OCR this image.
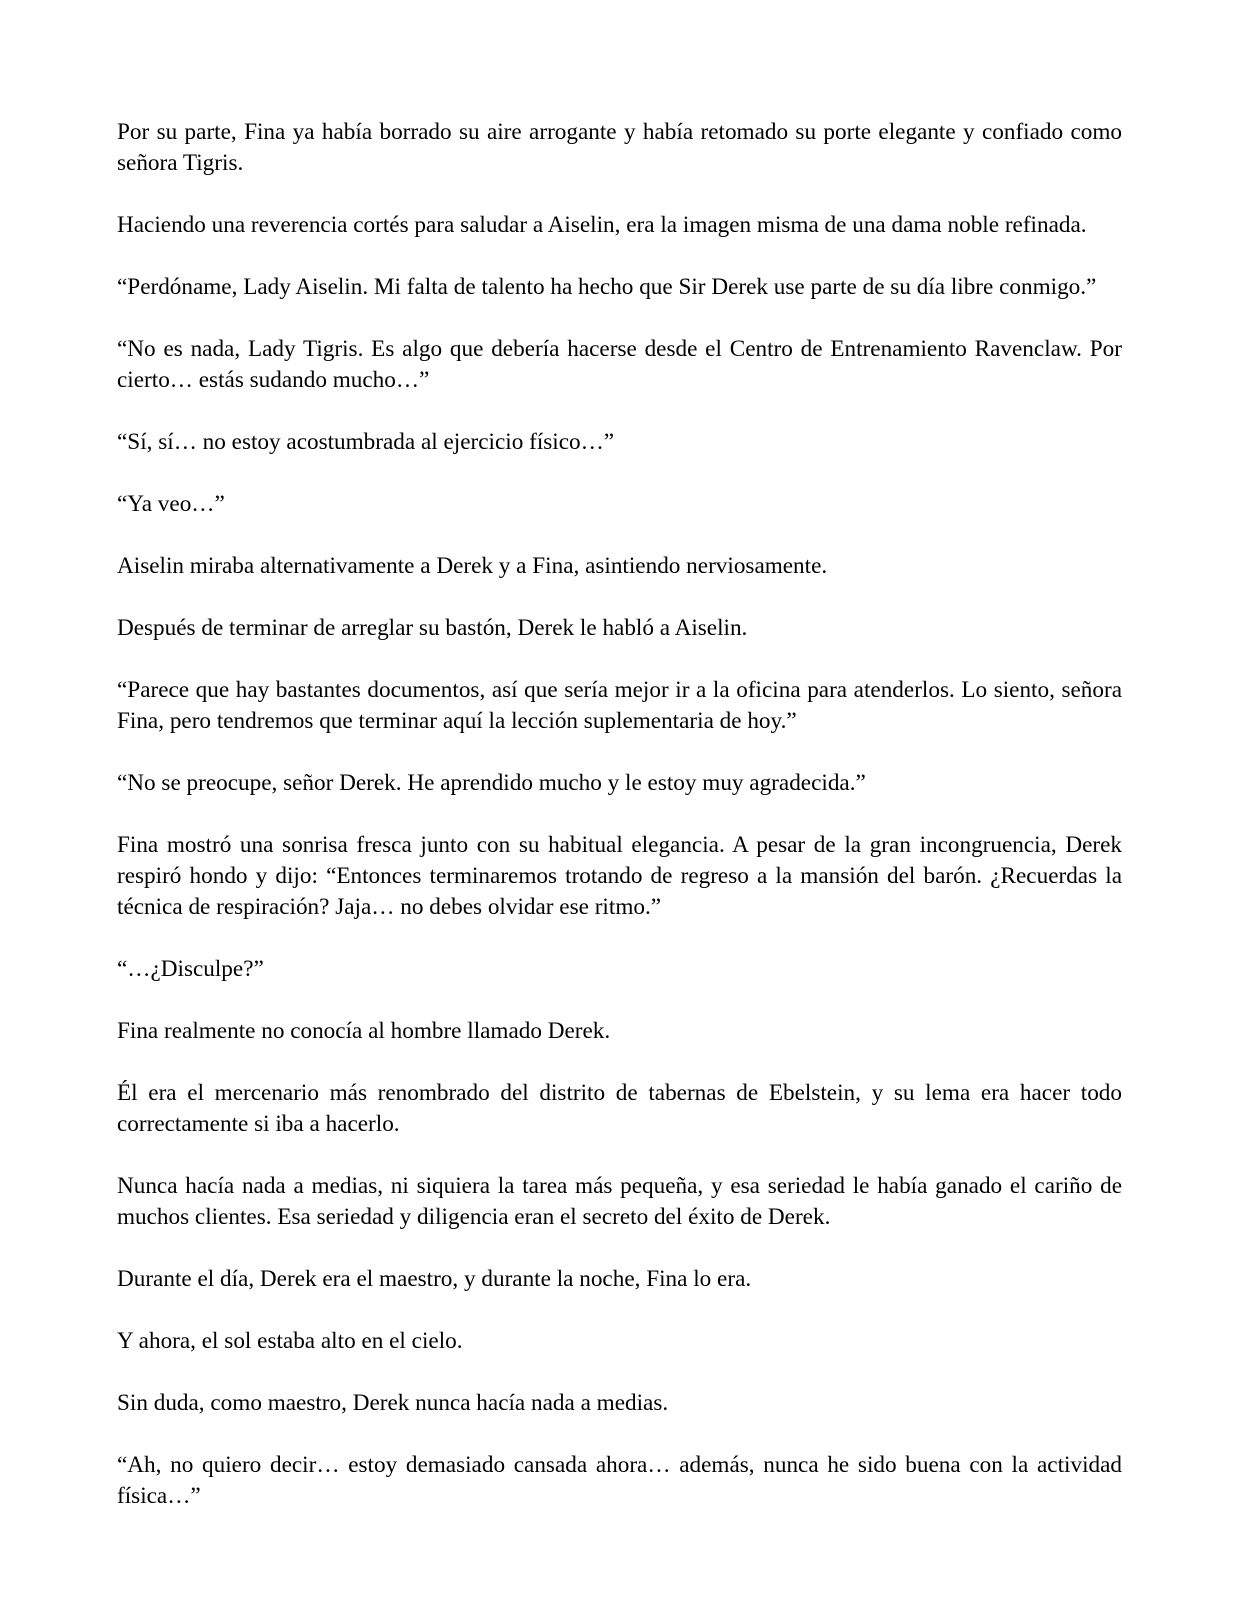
Por su parte, Fina ya había borrado su aire arrogante y había retomado su porte elegante y confiado como señora Tigris.

Haciendo una reverencia cortés para saludar a Aiselin, era la imagen misma de una dama noble refinada.

“Perdóname, Lady Aiselin. Mi falta de talento ha hecho que Sir Derek use parte de su día libre conmigo.”

“No es nada, Lady Tigris. Es algo que debería hacerse desde el Centro de Entrenamiento Ravenclaw. Por cierto… estás sudando mucho…”

“Sí, sí… no estoy acostumbrada al ejercicio físico…”

“Ya veo…”

Aiselin miraba alternativamente a Derek y a Fina, asintiendo nerviosamente.

Después de terminar de arreglar su bastón, Derek le habló a Aiselin.

“Parece que hay bastantes documentos, así que sería mejor ir a la oficina para atenderlos. Lo siento, señora Fina, pero tendremos que terminar aquí la lección suplementaria de hoy.”

“No se preocupe, señor Derek. He aprendido mucho y le estoy muy agradecida.”

Fina mostró una sonrisa fresca junto con su habitual elegancia. A pesar de la gran incongruencia, Derek respiró hondo y dijo: “Entonces terminaremos trotando de regreso a la mansión del barón. ¿Recuerdas la técnica de respiración? Jaja… no debes olvidar ese ritmo.”

“…¿Disculpe?”

Fina realmente no conocía al hombre llamado Derek.

Él era el mercenario más renombrado del distrito de tabernas de Ebelstein, y su lema era hacer todo correctamente si iba a hacerlo.

Nunca hacía nada a medias, ni siquiera la tarea más pequeña, y esa seriedad le había ganado el cariño de muchos clientes. Esa seriedad y diligencia eran el secreto del éxito de Derek.

Durante el día, Derek era el maestro, y durante la noche, Fina lo era.

Y ahora, el sol estaba alto en el cielo.

Sin duda, como maestro, Derek nunca hacía nada a medias.

“Ah, no quiero decir… estoy demasiado cansada ahora… además, nunca he sido buena con la actividad física…”
